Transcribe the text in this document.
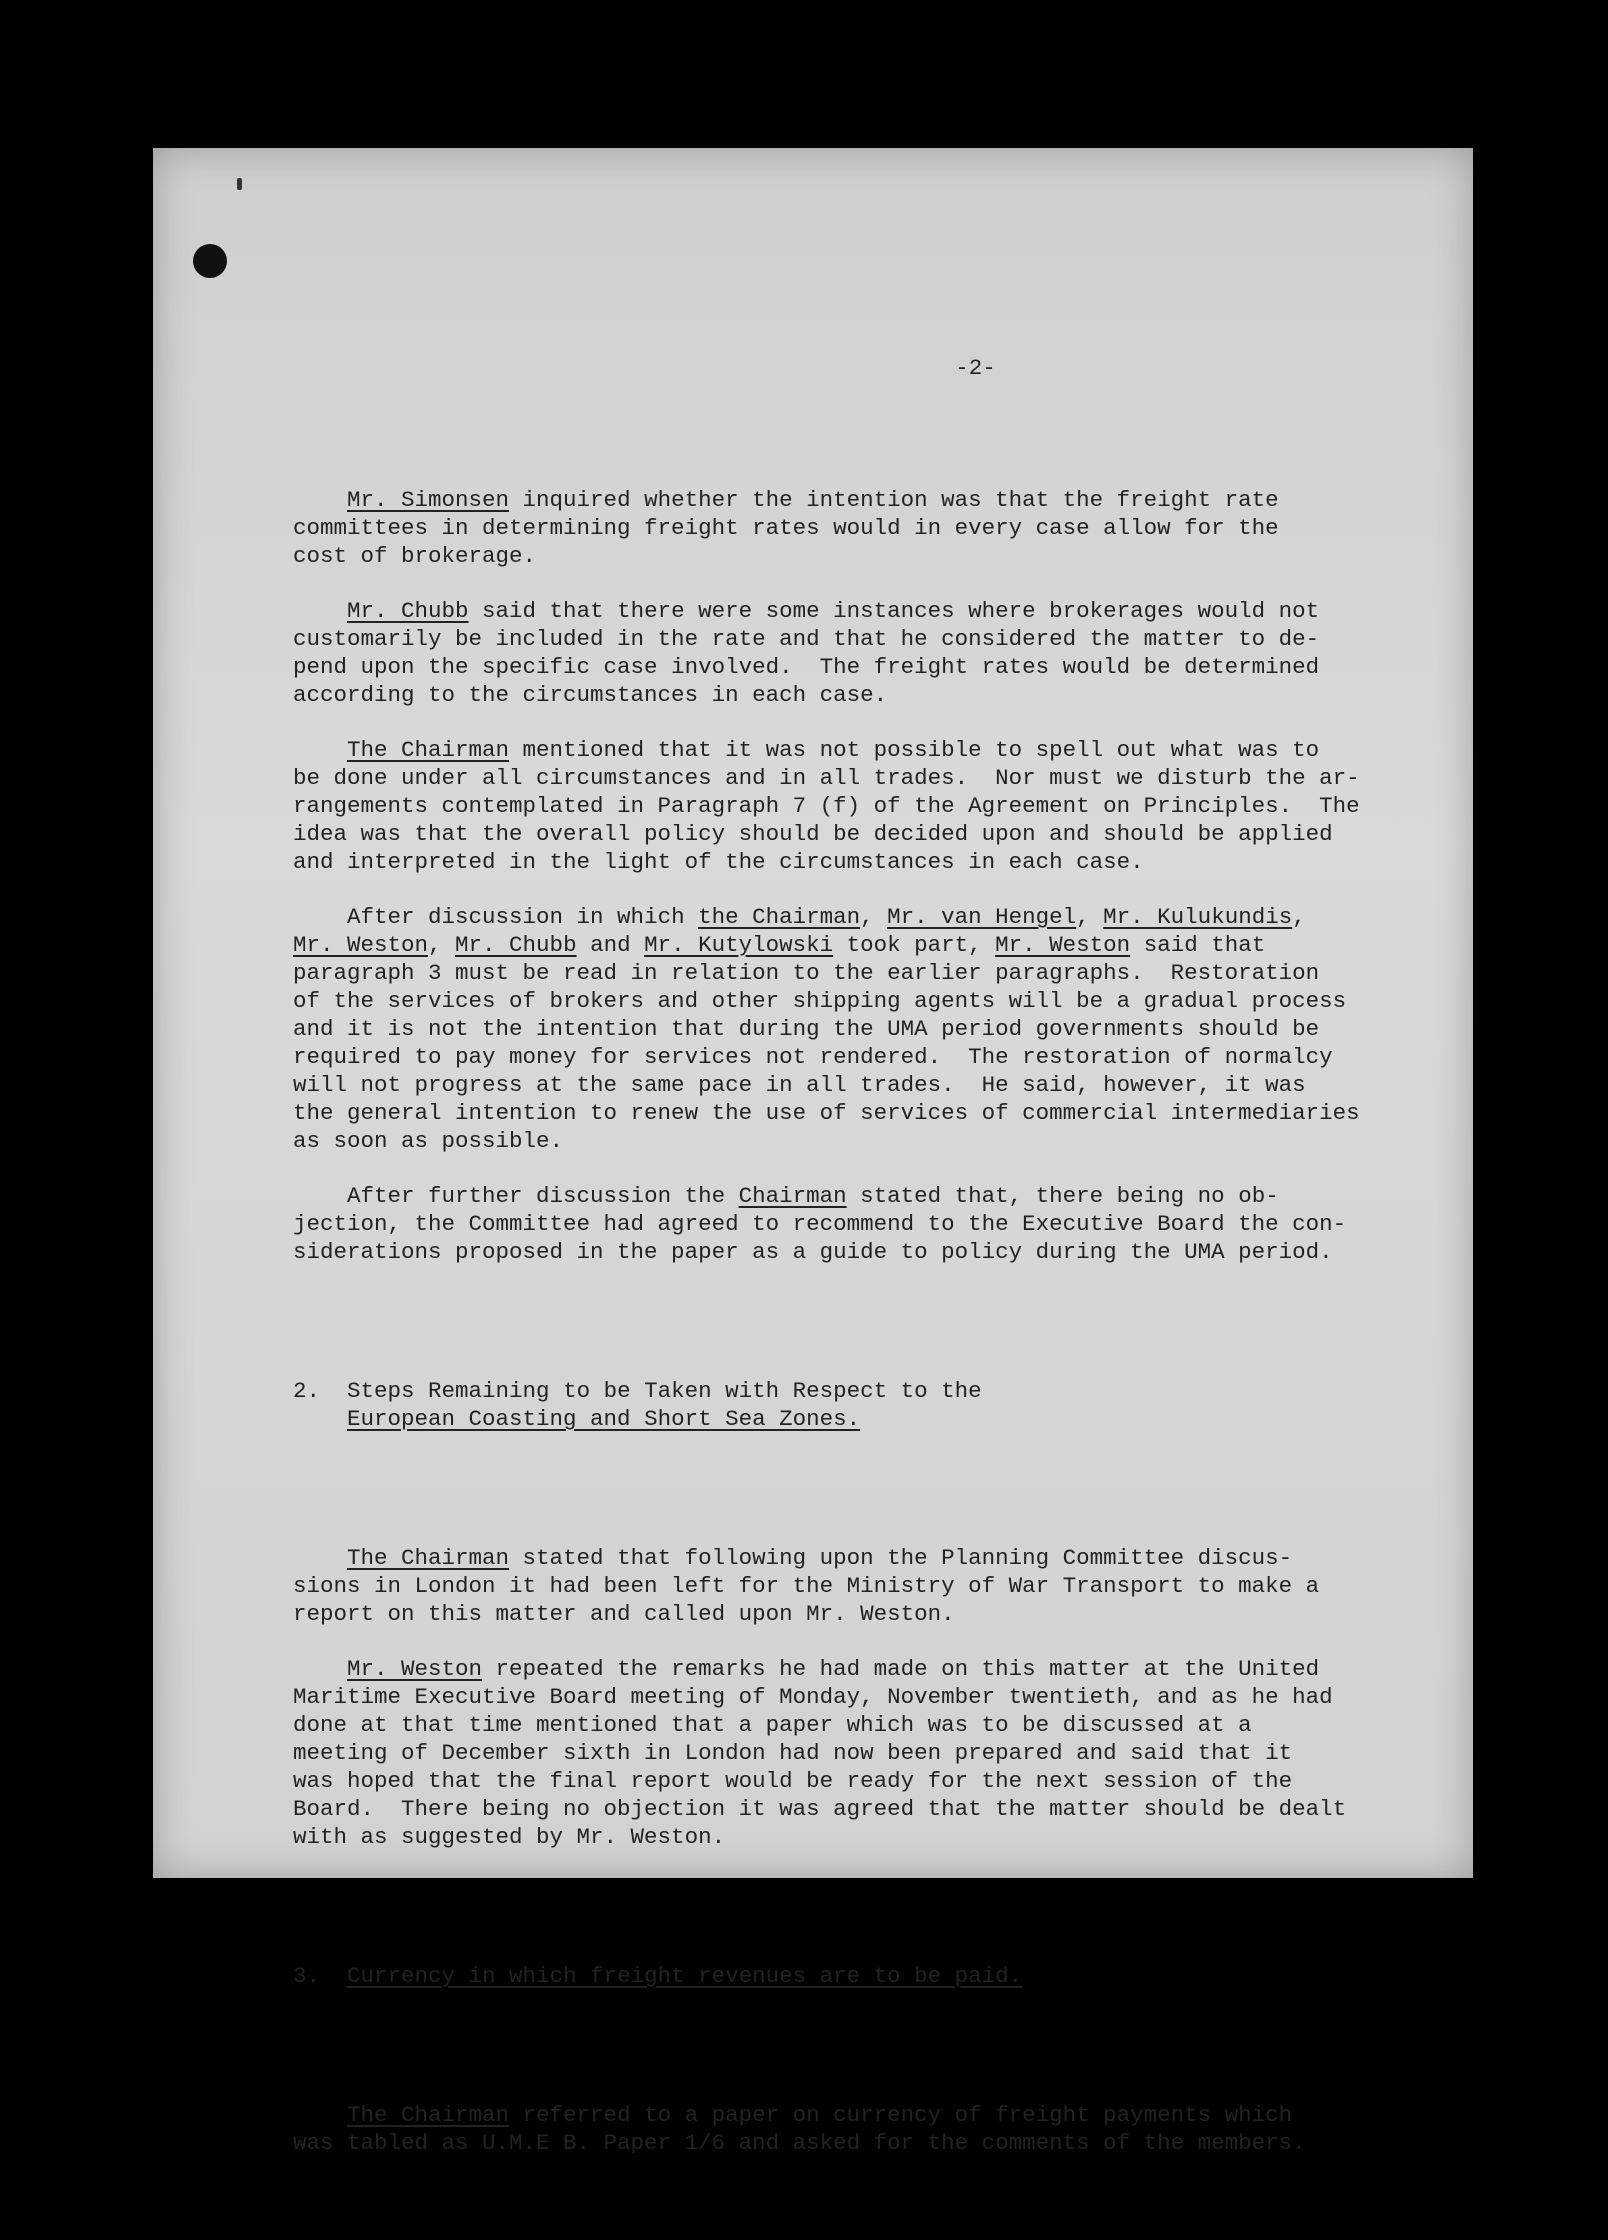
-2-

Mr. Simonsen inquired whether the intention was that the freight rate
committees in determining freight rates would in every case allow for the
cost of brokerage.
Mr. Chubb said that there were some instances where brokerages would not
customarily be included in the rate and that he considered the matter to de-
pend upon the specific case involved.  The freight rates would be determined
according to the circumstances in each case.
The Chairman mentioned that it was not possible to spell out what was to
be done under all circumstances and in all trades.  Nor must we disturb the ar-
rangements contemplated in Paragraph 7 (f) of the Agreement on Principles.  The
idea was that the overall policy should be decided upon and should be applied
and interpreted in the light of the circumstances in each case.
After discussion in which the Chairman, Mr. van Hengel, Mr. Kulukundis,
Mr. Weston, Mr. Chubb and Mr. Kutylowski took part, Mr. Weston said that
paragraph 3 must be read in relation to the earlier paragraphs.  Restoration
of the services of brokers and other shipping agents will be a gradual process
and it is not the intention that during the UMA period governments should be
required to pay money for services not rendered.  The restoration of normalcy
will not progress at the same pace in all trades.  He said, however, it was
the general intention to renew the use of services of commercial intermediaries
as soon as possible.
After further discussion the Chairman stated that, there being no ob-
jection, the Committee had agreed to recommend to the Executive Board the con-
siderations proposed in the paper as a guide to policy during the UMA period.

2. Steps Remaining to be Taken with Respect to the
European Coasting and Short Sea Zones.

The Chairman stated that following upon the Planning Committee discus-
sions in London it had been left for the Ministry of War Transport to make a
report on this matter and called upon Mr. Weston.
Mr. Weston repeated the remarks he had made on this matter at the United
Maritime Executive Board meeting of Monday, November twentieth, and as he had
done at that time mentioned that a paper which was to be discussed at a
meeting of December sixth in London had now been prepared and said that it
was hoped that the final report would be ready for the next session of the
Board.  There being no objection it was agreed that the matter should be dealt
with as suggested by Mr. Weston.

3. Currency in which freight revenues are to be paid.

The Chairman referred to a paper on currency of freight payments which
was tabled as U.M.E B. Paper 1/6 and asked for the comments of the members.
